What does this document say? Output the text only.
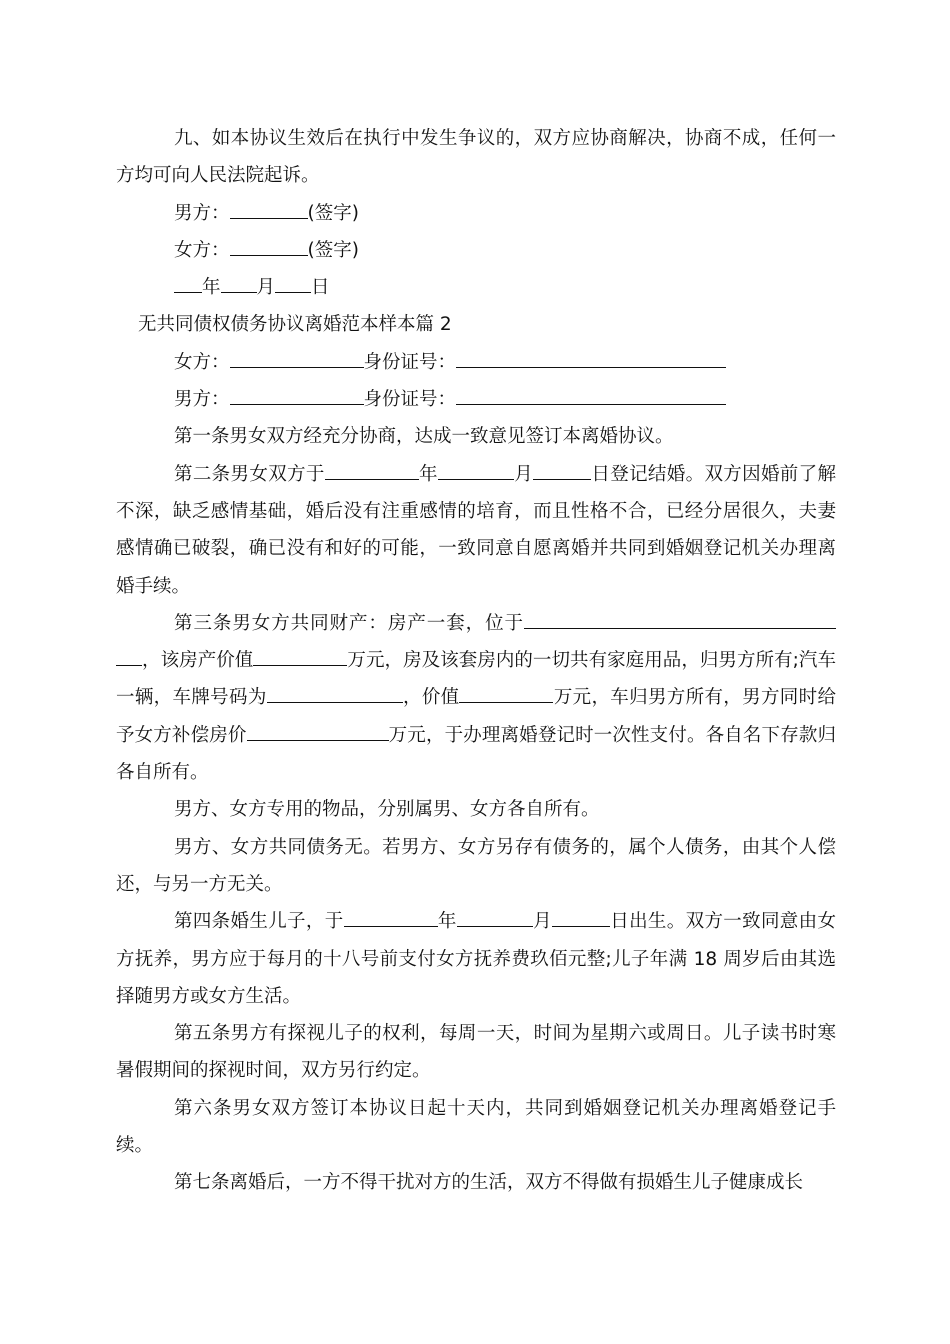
九、如本协议生效后在执行中发生争议的，双方应协商解决，协商不成，任何一方均可向人民法院起诉。

男方：	(签字)

女方：	(签字)

年 月 日

无共同债权债务协议离婚范本样本篇 2

女方：	身份证号：

男方：	身份证号：

第一条男女双方经充分协商，达成一致意见签订本离婚协议。

第二条男女双方于	年	月	日登记结婚。双方因婚前了解不深，缺乏感情基础，婚后没有注重感情的培育，而且性格不合，已经分居很久，夫妻感情确已破裂，确已没有和好的可能，一致同意自愿离婚并共同到婚姻登记机关办理离婚手续。

第三条男女方共同财产：房产一套，位于，该房产价值	万元，房及该套房内的一切共有家庭用品，归男方所有;汽车一辆，车牌号码为	，价值	万元，车归男方所有，男方同时给予女方补偿房价	万元，于办理离婚登记时一次性支付。各自名下存款归各自所有。

男方、女方专用的物品，分别属男、女方各自所有。

男方、女方共同债务无。若男方、女方另存有债务的，属个人债务，由其个人偿还，与另一方无关。

第四条婚生儿子，于	年	月	日出生。双方一致同意由女方抚养，男方应于每月的十八号前支付女方抚养费玖佰元整;儿子年满 18 周岁后由其选择随男方或女方生活。

第五条男方有探视儿子的权利，每周一天，时间为星期六或周日。儿子读书时寒暑假期间的探视时间，双方另行约定。

第六条男女双方签订本协议日起十天内，共同到婚姻登记机关办理离婚登记手续。

第七条离婚后，一方不得干扰对方的生活，双方不得做有损婚生儿子健康成长
